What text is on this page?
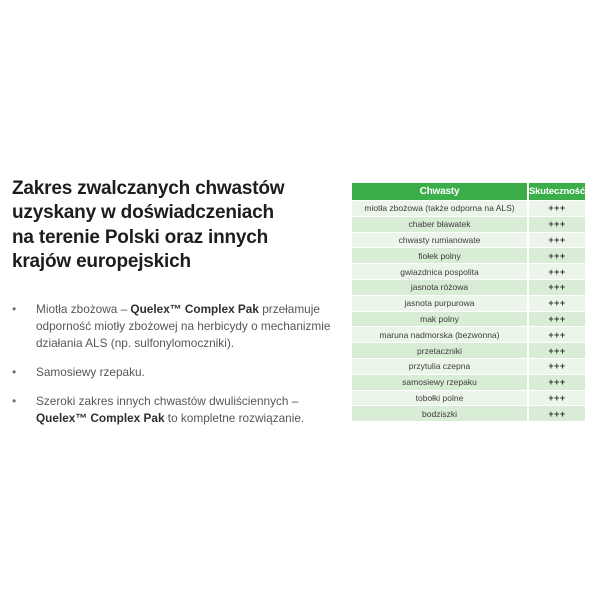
Zakres zwalczanych chwastów
uzyskany w doświadczeniach
na terenie Polski oraz innych
krajów europejskich
•	Miotła zbożowa – Quelex™ Complex Pak przełamuje odporność miotły zbożowej na herbicydy o mechanizmie działania ALS (np. sulfonylomoczniki).
•	Samosiewy rzepaku.
•	Szeroki zakres innych chwastów dwuliściennych – Quelex™ Complex Pak to kompletne rozwiązanie.
Chwasty	Skuteczność
miotła zbożowa (także odporna na ALS)	+++
chaber bławatek	+++
chwasty rumianowate	+++
fiołek polny	+++
gwiazdnica pospolita	+++
jasnota różowa	+++
jasnota purpurowa	+++
mak polny	+++
maruna nadmorska (bezwonna)	+++
przetaczniki	+++
przytulia czepna	+++
samosiewy rzepaku	+++
tobołki polne	+++
bodziszki	+++
